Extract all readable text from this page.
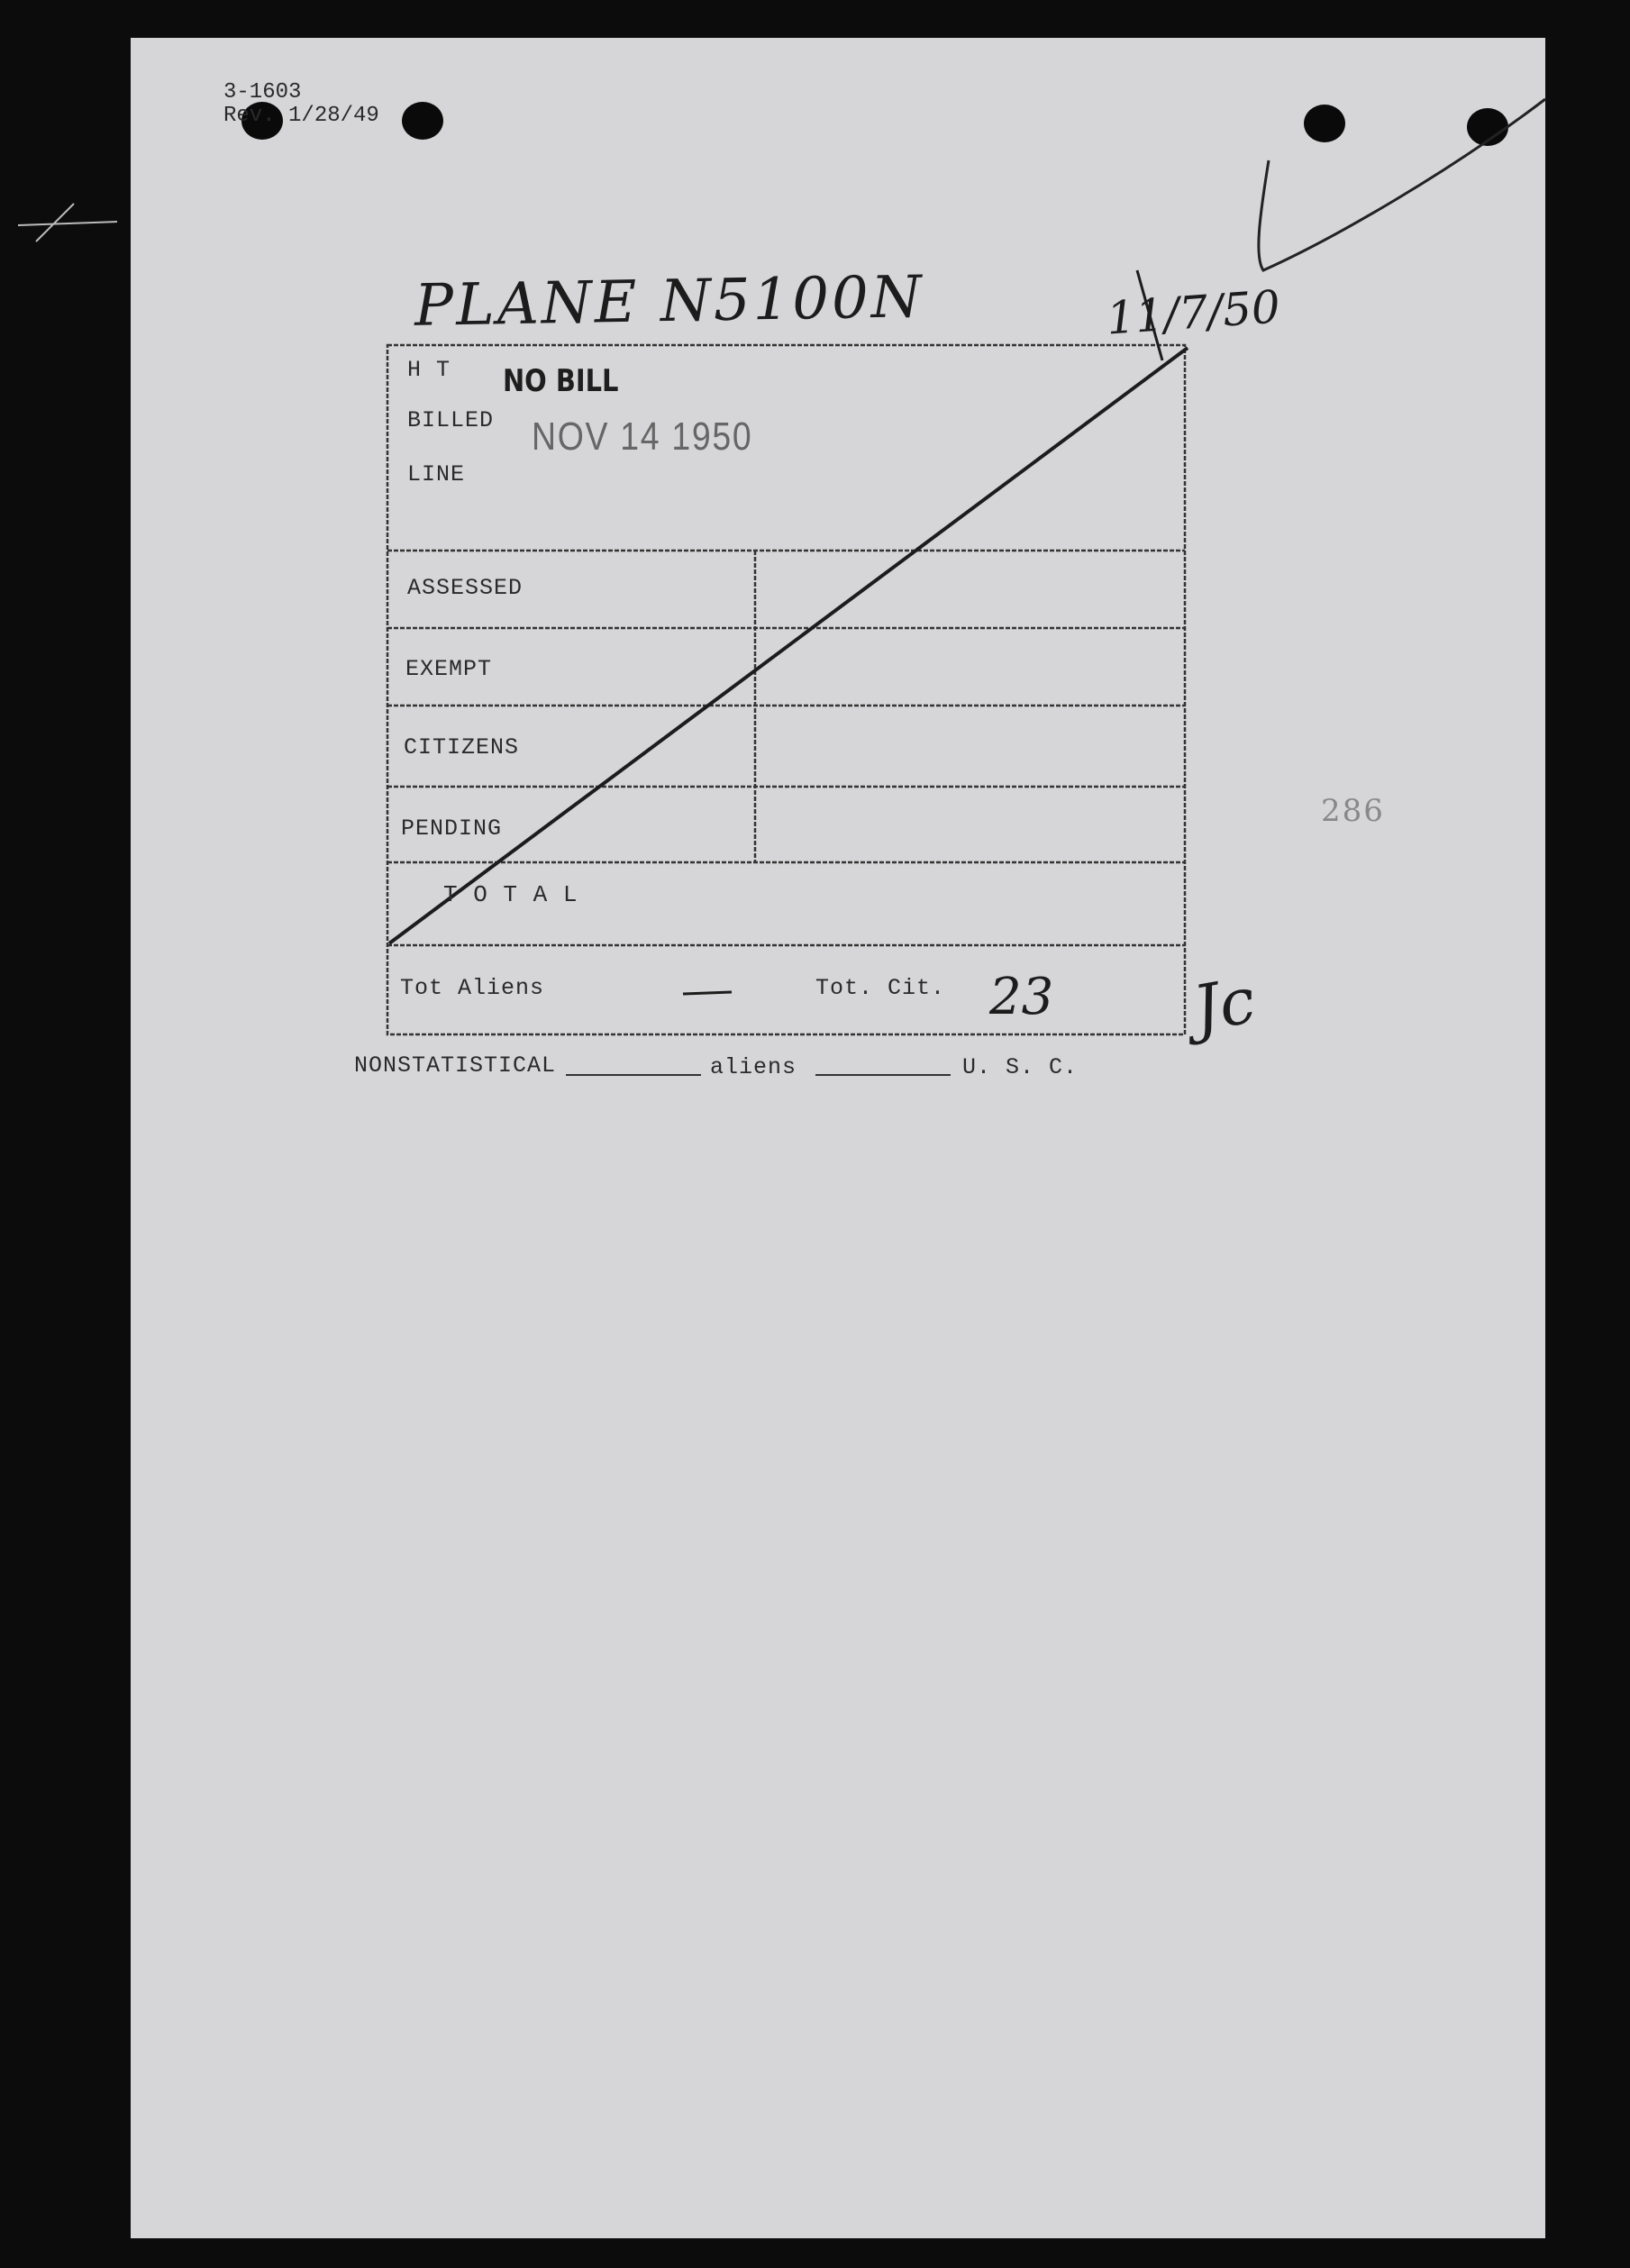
3-1603
Rev. 1/28/49
PLANE N5100N	11/7/50
H T
BILLED
LINE
NO BILL
NOV 14 1950
ASSESSED
EXEMPT
CITIZENS
PENDING
T O T A L
Tot Aliens	Tot. Cit. 23 Jc
NONSTATISTICAL	aliens	U. S. C.
286
